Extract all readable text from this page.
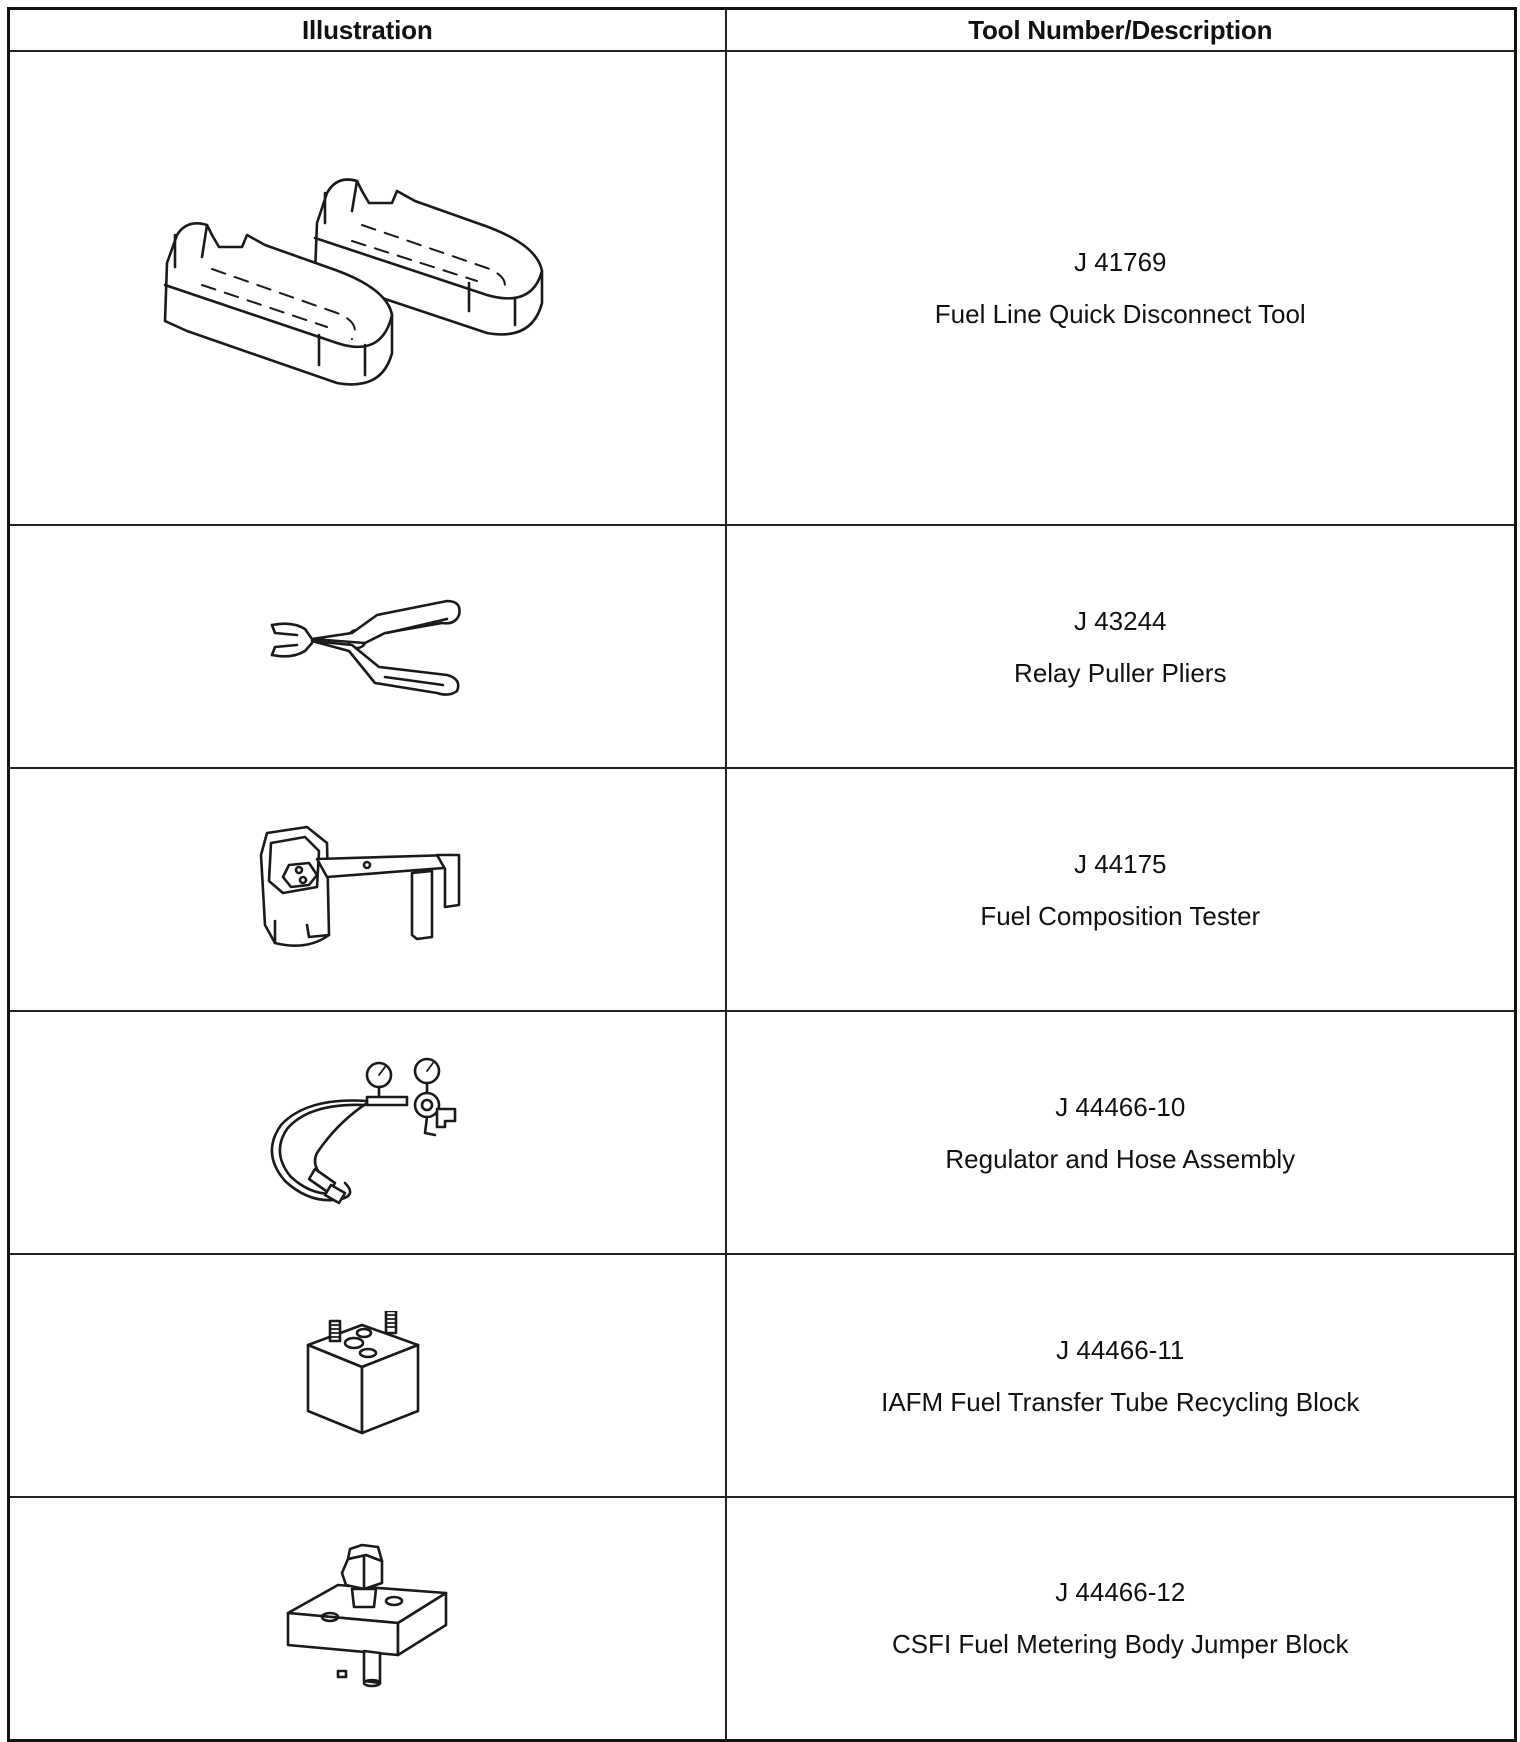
Illustration	Tool Number/Description

J 41769
Fuel Line Quick Disconnect Tool

J 43244
Relay Puller Pliers

J 44175
Fuel Composition Tester

J 44466-10
Regulator and Hose Assembly

J 44466-11
IAFM Fuel Transfer Tube Recycling Block

J 44466-12
CSFI Fuel Metering Body Jumper Block
